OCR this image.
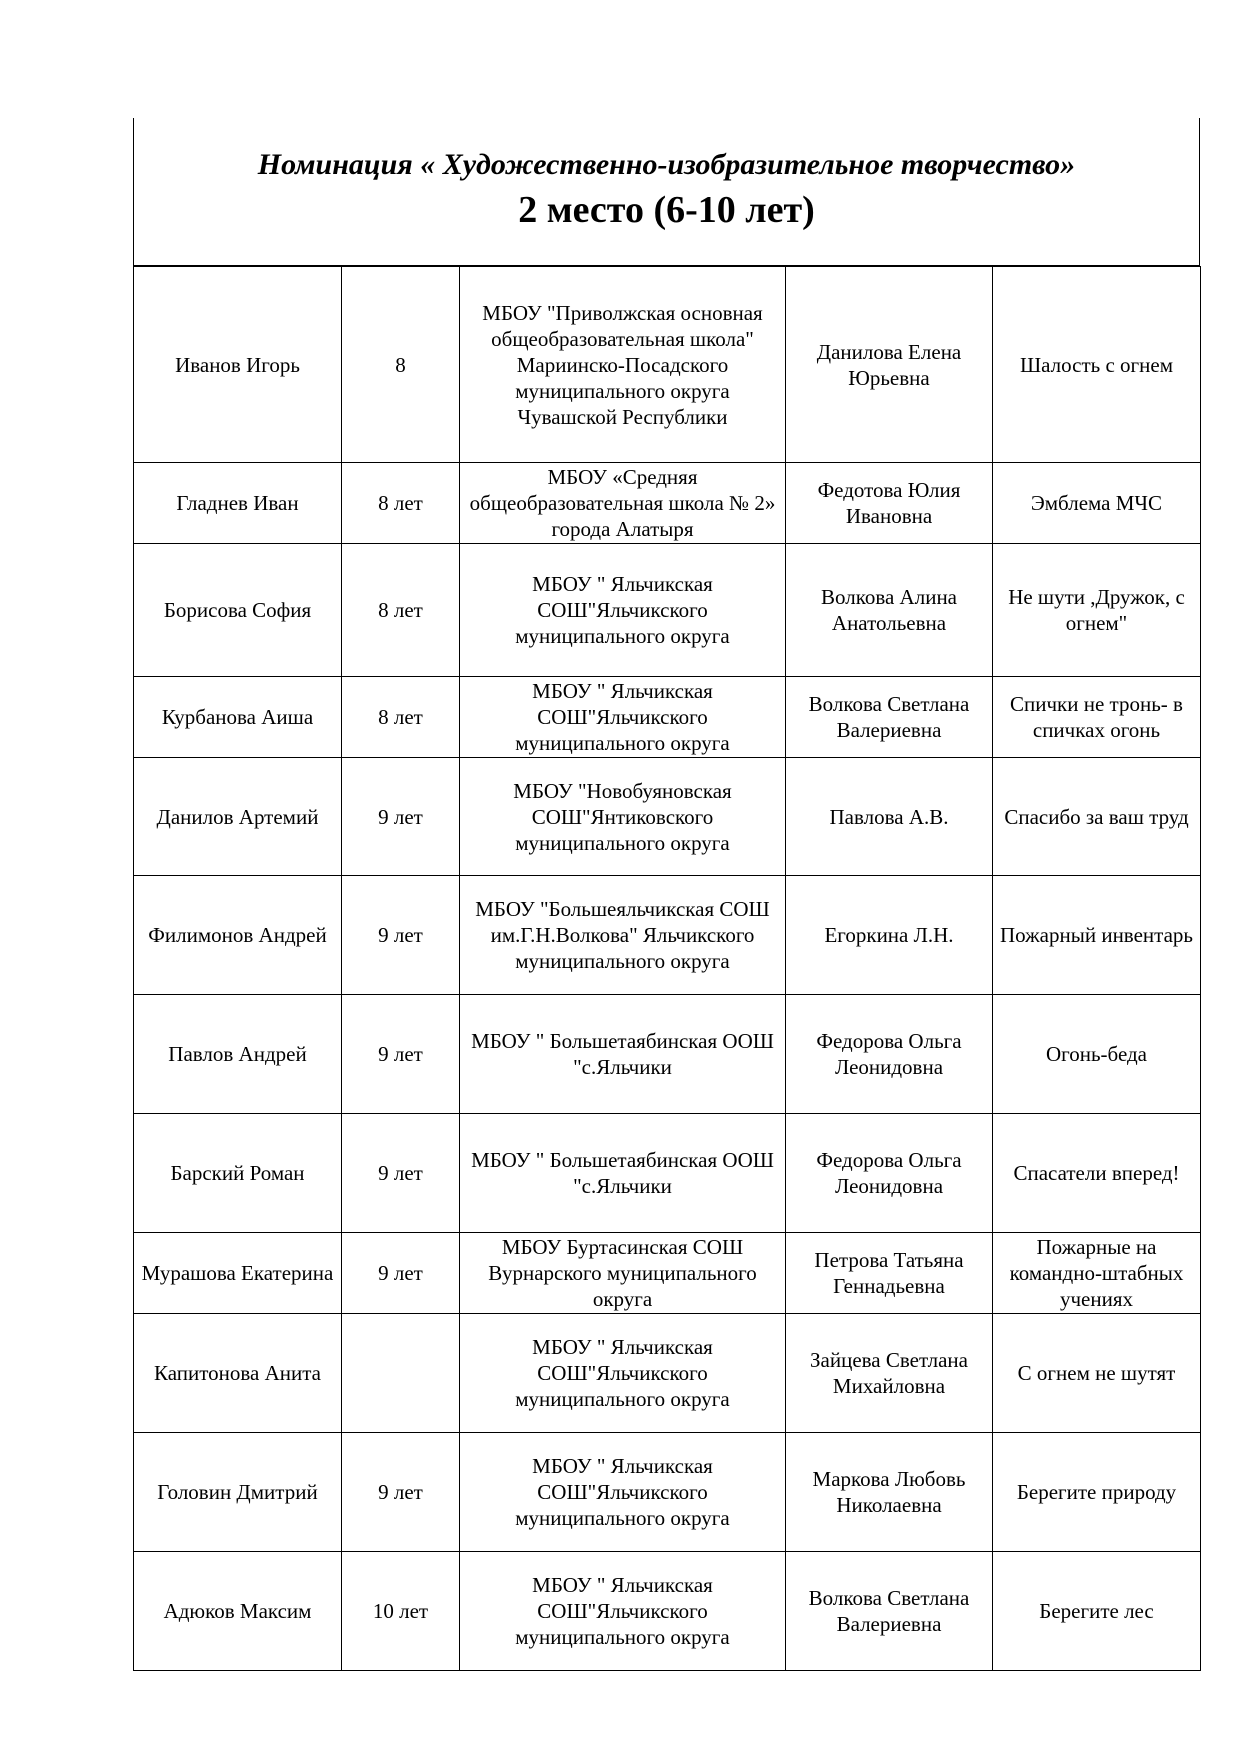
Номинация « Художественно-изобразительное творчество»
2 место (6-10 лет)
Иванов Игорь	8	МБОУ "Приволжская основная общеобразовательная школа" Мариинско-Посадского муниципального округа Чувашской Республики	Данилова Елена Юрьевна	Шалость с огнем
Гладнев Иван	8 лет	МБОУ «Средняя общеобразовательная школа № 2» города Алатыря	Федотова Юлия Ивановна	Эмблема МЧС
Борисова София	8 лет	МБОУ " Яльчикская СОШ"Яльчикского муниципального округа	Волкова Алина Анатольевна	Не шути ,Дружок, с огнем"
Курбанова Аиша	8 лет	МБОУ " Яльчикская СОШ"Яльчикского муниципального округа	Волкова Светлана Валериевна	Спички не тронь- в спичках огонь
Данилов Артемий	9 лет	МБОУ "Новобуяновская СОШ"Янтиковского муниципального округа	Павлова А.В.	Спасибо за ваш труд
Филимонов Андрей	9 лет	МБОУ "Большеяльчикская СОШ им.Г.Н.Волкова" Яльчикского муниципального округа	Егоркина Л.Н.	Пожарный инвентарь
Павлов Андрей	9 лет	МБОУ " Большетаябинская ООШ "с.Яльчики	Федорова Ольга Леонидовна	Огонь-беда
Барский Роман	9 лет	МБОУ " Большетаябинская ООШ "с.Яльчики	Федорова Ольга Леонидовна	Спасатели вперед!
Мурашова Екатерина	9 лет	МБОУ Буртасинская СОШ Вурнарского муниципального округа	Петрова Татьяна Геннадьевна	Пожарные на командно-штабных учениях
Капитонова Анита		МБОУ " Яльчикская СОШ"Яльчикского муниципального округа	Зайцева Светлана Михайловна	С огнем не шутят
Головин Дмитрий	9 лет	МБОУ " Яльчикская СОШ"Яльчикского муниципального округа	Маркова Любовь Николаевна	Берегите природу
Адюков Максим	10 лет	МБОУ " Яльчикская СОШ"Яльчикского муниципального округа	Волкова Светлана Валериевна	Берегите лес
